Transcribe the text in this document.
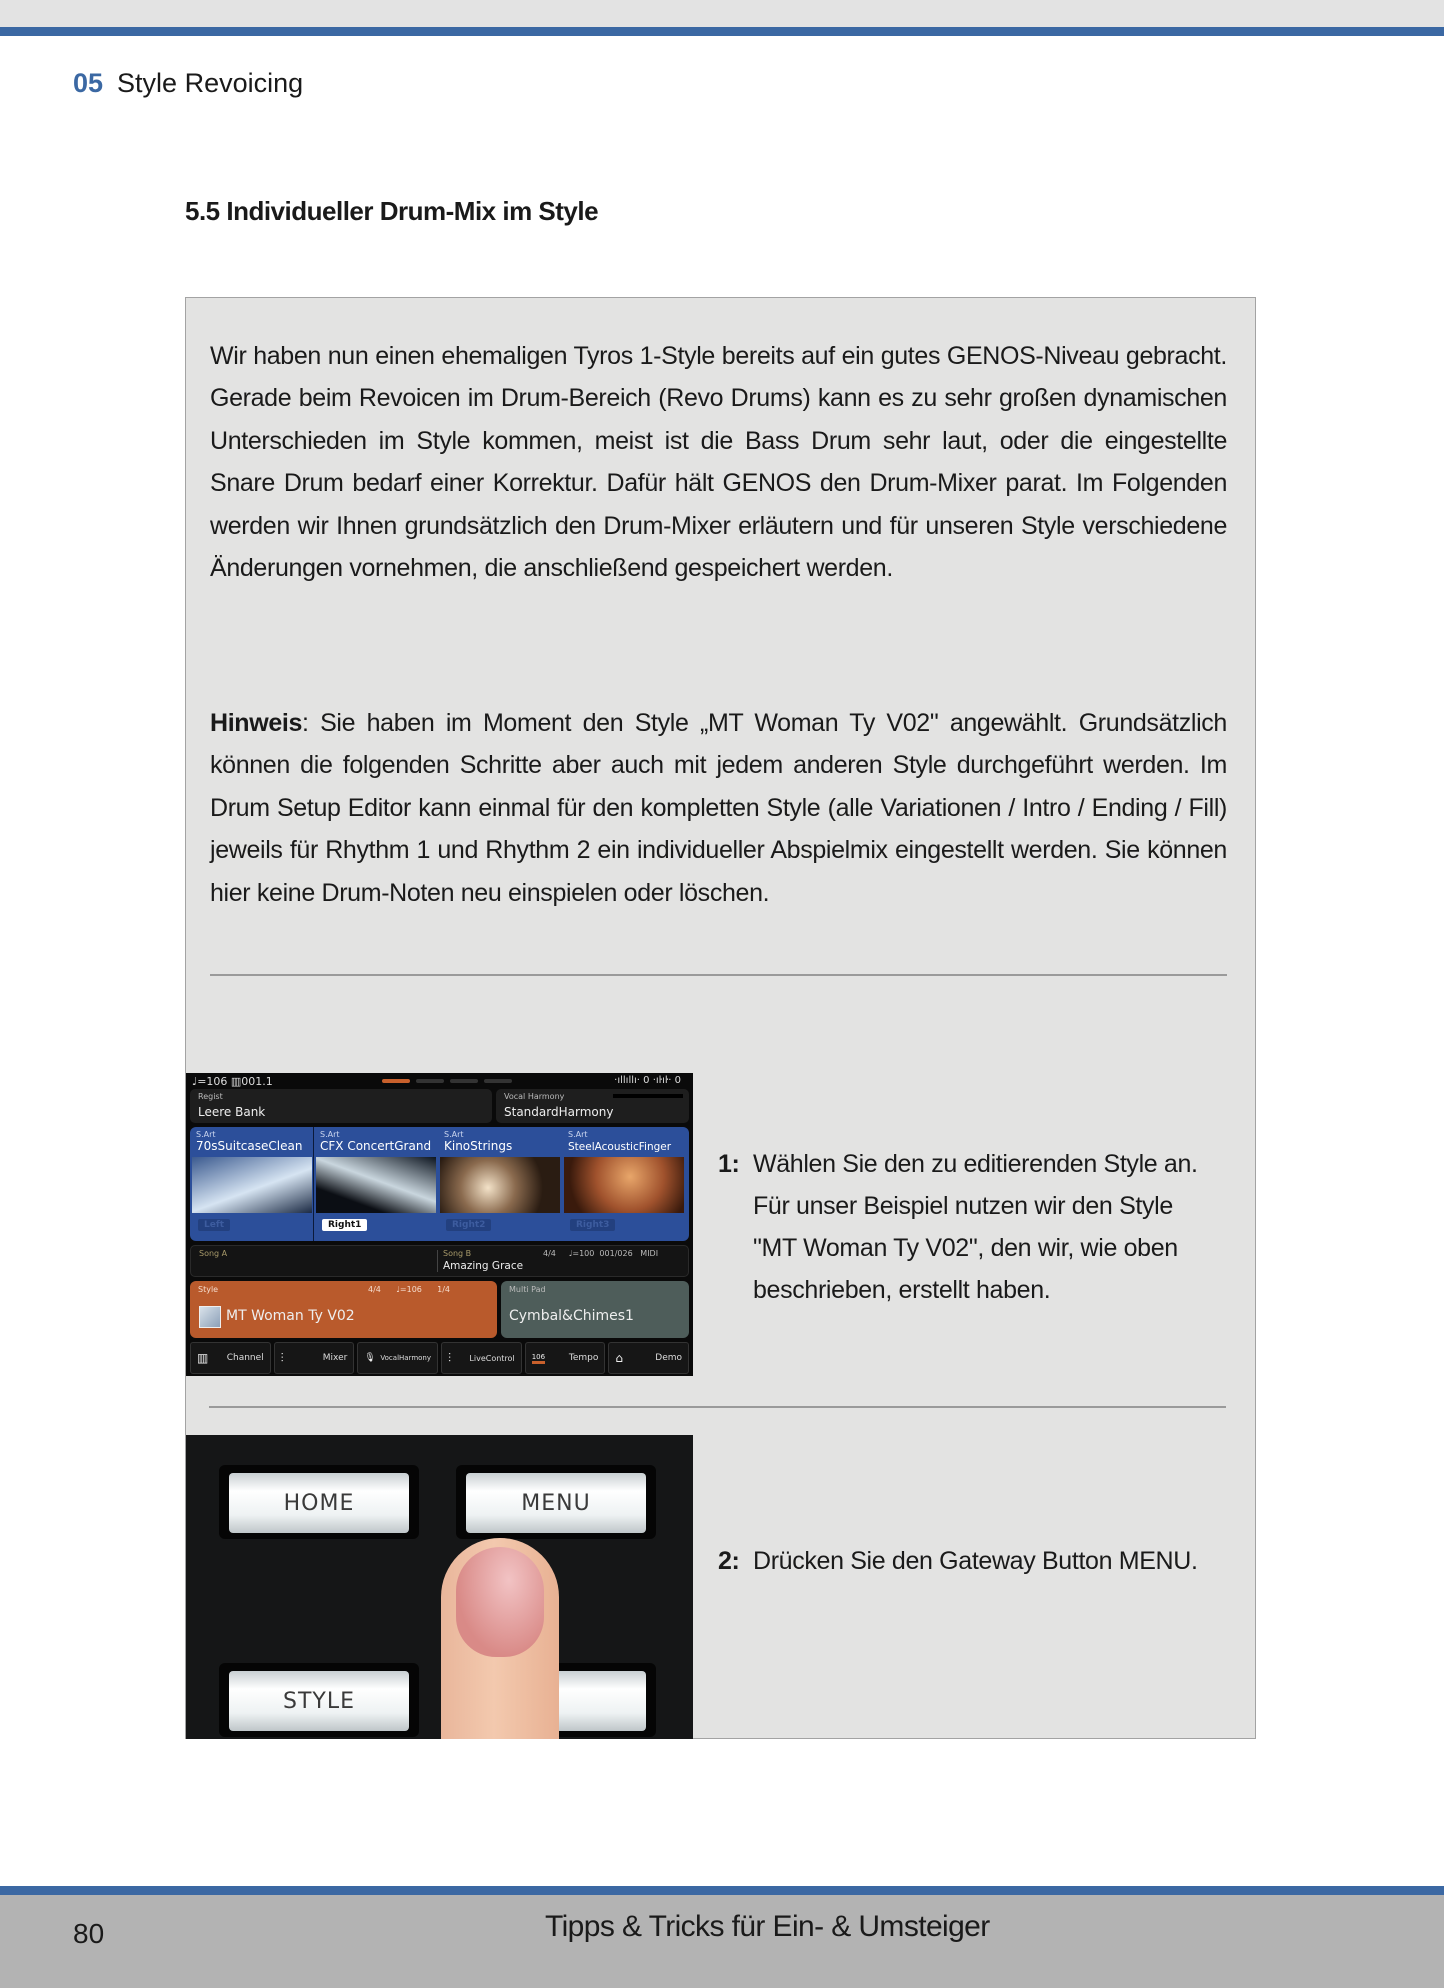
05 Style Revoicing
5.5 Individueller Drum-Mix im Style

Wir haben nun einen ehemaligen Tyros 1-Style bereits auf ein gutes GENOS-Niveau gebracht. Gerade beim Revoicen im Drum-Bereich (Revo Drums) kann es zu sehr großen dynamischen Unterschieden im Style kommen, meist ist die Bass Drum sehr laut, oder die eingestellte Snare Drum bedarf einer Korrektur. Dafür hält GENOS den Drum-Mixer parat. Im Folgenden werden wir Ihnen grundsätzlich den Drum-Mixer erläutern und für unseren Style verschiedene Änderungen vornehmen, die anschließend gespeichert werden.

Hinweis: Sie haben im Moment den Style „MT Woman Ty V02" angewählt. Grundsätzlich können die folgenden Schritte aber auch mit jedem anderen Style durchgeführt werden. Im Drum Setup Editor kann einmal für den kompletten Style (alle Variationen / Intro / Ending / Fill) jeweils für Rhythm 1 und Rhythm 2 ein individueller Abspielmix eingestellt werden. Sie können hier keine Drum-Noten neu einspielen oder löschen.

♩=106 ▥001.1	·ıllıllı· 0 ·ıŀıŀ· 0
Regist
Leere Bank
Vocal Harmony
StandardHarmony
S.Art
70sSuitcaseClean
Left
S.Art
CFX ConcertGrand
Right1
S.Art
KinoStrings
Right2
S.Art
SteelAcousticFinger
Right3
Song A	Song B	4/4     ♩=100  001/026   MIDI
Amazing Grace
Style	4/4      ♩=106      1/4
MT Woman Ty V02
Multi Pad
Cymbal&Chimes1
▥ Channel ⫶	Mixer 🎙 VocalHarmony ⫶ LiveControl 106	Tempo ⌂	Demo
1: Wählen Sie den zu editierenden Style an.
Für unser Beispiel nutzen wir den Style
"MT Woman Ty V02", den wir, wie oben
beschrieben, erstellt haben.
HOME	MENU
STYLE
2: Drücken Sie den Gateway Button MENU.
80	Tipps & Tricks für Ein- & Umsteiger
